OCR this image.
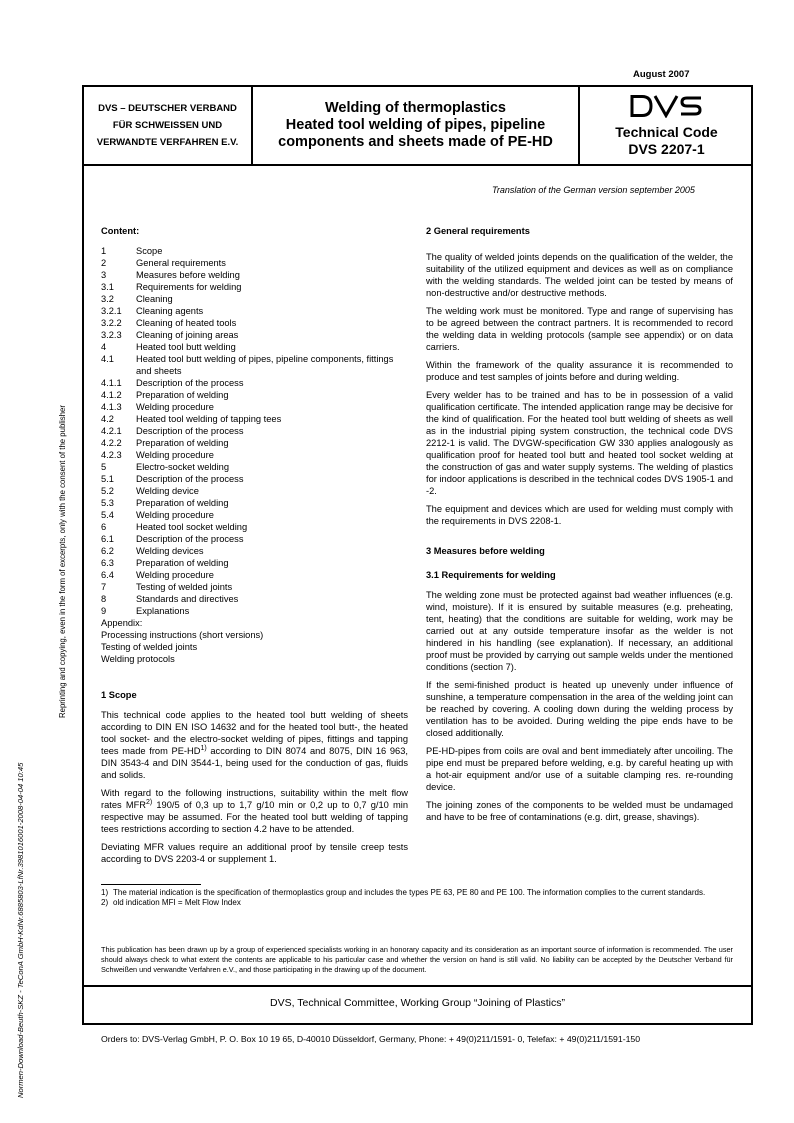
August 2007
DVS – DEUTSCHER VERBAND
FÜR SCHWEISSEN UND
VERWANDTE VERFAHREN E.V.
Welding of thermoplastics
Heated tool welding of pipes, pipeline
components and sheets made of PE-HD
Technical Code
DVS 2207-1
Translation of the German version september 2005
Content:
1	Scope
2	General requirements
3	Measures before welding
3.1	Requirements for welding
3.2	Cleaning
3.2.1	Cleaning agents
3.2.2	Cleaning of heated tools
3.2.3	Cleaning of joining areas
4	Heated tool butt welding
4.1	Heated tool butt welding of pipes, pipeline components, fittings and sheets
4.1.1	Description of the process
4.1.2	Preparation of welding
4.1.3	Welding procedure
4.2	Heated tool welding of tapping tees
4.2.1	Description of the process
4.2.2	Preparation of welding
4.2.3	Welding procedure
5	Electro-socket welding
5.1	Description of the process
5.2	Welding device
5.3	Preparation of welding
5.4	Welding procedure
6	Heated tool socket welding
6.1	Description of the process
6.2	Welding devices
6.3	Preparation of welding
6.4	Welding procedure
7	Testing of welded joints
8	Standards and directives
9	Explanations
Appendix:
Processing instructions (short versions)
Testing of welded joints
Welding protocols
1 Scope

This technical code applies to the heated tool butt welding of sheets according to DIN EN ISO 14632 and for the heated tool butt-, the heated tool socket- and the electro-socket welding of pipes, fittings and tapping tees made from PE-HD$^{1)}$ according to DIN 8074 and 8075, DIN 16 963, DIN 3543-4 and DIN 3544-1, being used for the conduction of gas, fluids and solids.

With regard to the following instructions, suitability within the melt flow rates MFR$^{2)}$ 190/5 of 0,3 up to 1,7 g/10 min or 0,2 up to 0,7 g/10 min respective may be assumed. For the heated tool butt welding of tapping tees restrictions according to section 4.2 have to be attended.

Deviating MFR values require an additional proof by tensile creep tests according to DVS 2203-4 or supplement 1.

2 General requirements

The quality of welded joints depends on the qualification of the welder, the suitability of the utilized equipment and devices as well as on compliance with the welding standards. The welded joint can be tested by means of non-destructive and/or destructive methods.

The welding work must be monitored. Type and range of supervising has to be agreed between the contract partners. It is recommended to record the welding data in welding protocols (sample see appendix) or on data carriers.

Within the framework of the quality assurance it is recommended to produce and test samples of joints before and during welding.

Every welder has to be trained and has to be in possession of a valid qualification certificate. The intended application range may be decisive for the kind of qualification. For the heated tool butt welding of sheets as well as in the industrial piping system construction, the technical code DVS 2212-1 is valid. The DVGW-specification GW 330 applies analogously as qualification proof for heated tool butt and heated tool socket welding at the construction of gas and water supply systems. The welding of plastics for indoor applications is described in the technical codes DVS 1905-1 and -2.

The equipment and devices which are used for welding must comply with the requirements in DVS 2208-1.

3 Measures before welding
3.1 Requirements for welding

The welding zone must be protected against bad weather influences (e.g. wind, moisture). If it is ensured by suitable measures (e.g. preheating, tent, heating) that the conditions are suitable for welding, work may be carried out at any outside temperature insofar as the welder is not hindered in his handling (see explanation). If necessary, an additional proof must be provided by carrying out sample welds under the mentioned conditions (section 7).

If the semi-finished product is heated up unevenly under influence of sunshine, a temperature compensation in the area of the welding joint can be reached by covering. A cooling down during the welding process by ventilation has to be avoided. During welding the pipe ends have to be closed additionally.

PE-HD-pipes from coils are oval and bent immediately after uncoiling. The pipe end must be prepared before welding, e.g. by careful heating up with a hot-air equipment and/or use of a suitable clamping res. re-rounding device.

The joining zones of the components to be welded must be undamaged and have to be free of contaminations (e.g. dirt, grease, shavings).

1) The material indication is the specification of thermoplastics group and includes the types PE 63, PE 80 and PE 100. The information complies to the current standards.
2) old indication MFI = Melt Flow Index
This publication has been drawn up by a group of experienced specialists working in an honorary capacity and its consideration as an important source of information is recommended. The user should always check to what extent the contents are applicable to his particular case and whether the version on hand is still valid. No liability can be accepted by the Deutscher Verband für Schweißen und verwandte Verfahren e.V., and those participating in the drawing up of the document.
DVS, Technical Committee, Working Group “Joining of Plastics”
Orders to: DVS-Verlag GmbH, P. O. Box 10 19 65, D-40010 Düsseldorf, Germany, Phone: + 49(0)211/1591- 0, Telefax: + 49(0)211/1591-150
Reprinting and copying, even in the form of excerpts, only with the consent of the publisher
Normen-Download-Beuth-SKZ - TeConA GmbH-KdNr.6885803-LfNr.3981016001-2008-04-04 10:45
